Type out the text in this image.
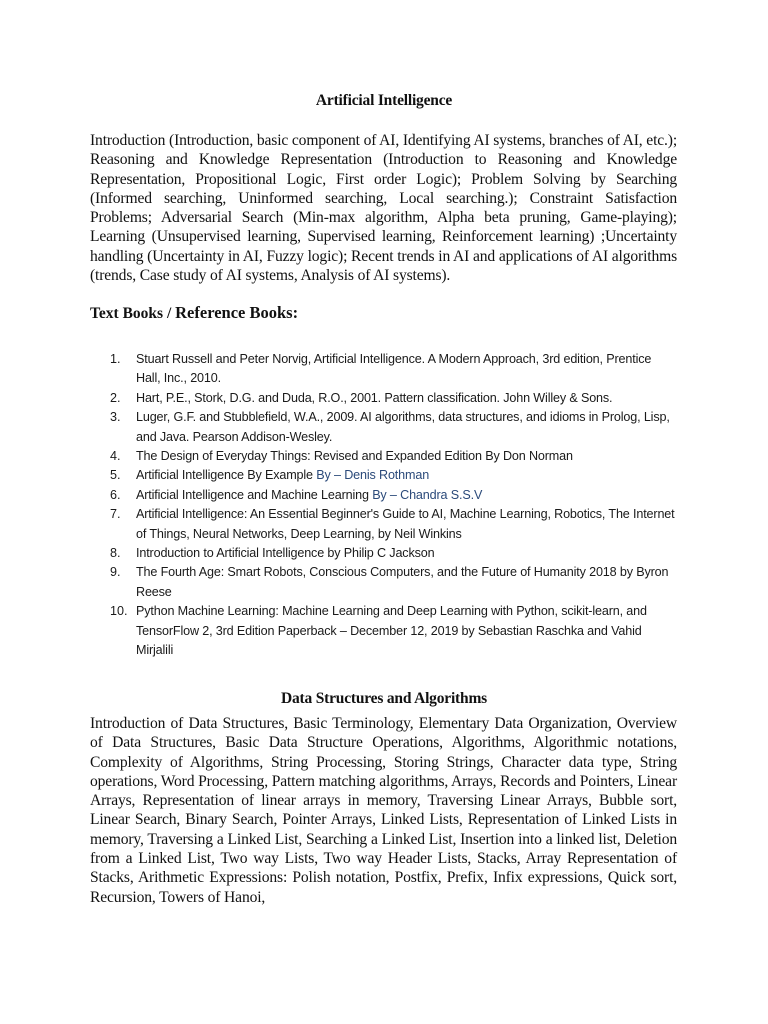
Artificial Intelligence

Introduction (Introduction, basic component of AI, Identifying AI systems, branches of AI, etc.); Reasoning and Knowledge Representation (Introduction to Reasoning and Knowledge Representation, Propositional Logic, First order Logic); Problem Solving by Searching (Informed searching, Uninformed searching, Local searching.); Constraint Satisfaction Problems; Adversarial Search (Min-max algorithm, Alpha beta pruning, Game-playing); Learning (Unsupervised learning, Supervised learning, Reinforcement learning) ;Uncertainty handling (Uncertainty in AI, Fuzzy logic); Recent trends in AI and applications of AI algorithms (trends, Case study of AI systems, Analysis of AI systems).

Text Books / Reference Books:
1.	Stuart Russell and Peter Norvig, Artificial Intelligence. A Modern Approach, 3rd edition, Prentice Hall, Inc., 2010.
2.	Hart, P.E., Stork, D.G. and Duda, R.O., 2001. Pattern classification. John Willey & Sons.
3.	Luger, G.F. and Stubblefield, W.A., 2009. AI algorithms, data structures, and idioms in Prolog, Lisp, and Java. Pearson Addison-Wesley.
4.	The Design of Everyday Things: Revised and Expanded Edition By Don Norman
5.	Artificial Intelligence By Example By – Denis Rothman
6.	Artificial Intelligence and Machine Learning By – Chandra S.S.V
7.	Artificial Intelligence: An Essential Beginner's Guide to AI, Machine Learning, Robotics, The Internet of Things, Neural Networks, Deep Learning, by Neil Winkins
8.	Introduction to Artificial Intelligence by Philip C Jackson
9.	The Fourth Age: Smart Robots, Conscious Computers, and the Future of Humanity 2018 by Byron Reese
10. Python Machine Learning: Machine Learning and Deep Learning with Python, scikit-learn, and TensorFlow 2, 3rd Edition Paperback – December 12, 2019 by Sebastian Raschka and Vahid Mirjalili
Data Structures and Algorithms

Introduction of Data Structures, Basic Terminology, Elementary Data Organization, Overview of Data Structures, Basic Data Structure Operations, Algorithms, Algorithmic notations, Complexity of Algorithms, String Processing, Storing Strings, Character data type, String operations, Word Processing, Pattern matching algorithms, Arrays, Records and Pointers, Linear Arrays, Representation of linear arrays in memory, Traversing Linear Arrays, Bubble sort, Linear Search, Binary Search, Pointer Arrays, Linked Lists, Representation of Linked Lists in memory, Traversing a Linked List, Searching a Linked List, Insertion into a linked list, Deletion from a Linked List, Two way Lists, Two way Header Lists, Stacks, Array Representation of Stacks, Arithmetic Expressions: Polish notation, Postfix, Prefix, Infix expressions, Quick sort, Recursion, Towers of Hanoi,
